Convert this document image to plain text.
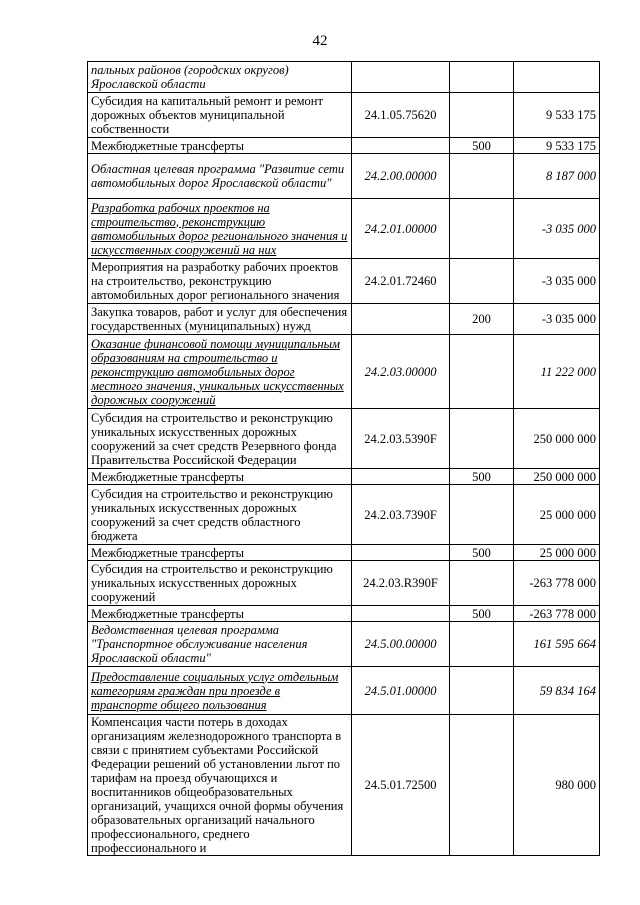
42
пальных районов (городских округов) Ярославской области			
Субсидия на капитальный ремонт и ремонт дорожных объектов муниципальной собственности	24.1.05.75620		9 533 175
Межбюджетные трансферты		500	9 533 175
Областная целевая программа "Развитие сети автомобильных дорог Ярославской области"	24.2.00.00000		8 187 000
Разработка рабочих проектов на строительство, реконструкцию автомобильных дорог регионального значения и искусственных сооружений на них	24.2.01.00000		-3 035 000
Мероприятия на разработку рабочих проектов на строительство, реконструкцию автомобильных дорог регионального значения	24.2.01.72460		-3 035 000
Закупка товаров, работ и услуг для обеспечения государственных (муниципальных) нужд		200	-3 035 000
Оказание финансовой помощи муниципальным образованиям на строительство и реконструкцию автомобильных дорог местного значения, уникальных искусственных дорожных сооружений	24.2.03.00000		11 222 000
Субсидия на строительство и реконструкцию уникальных искусственных дорожных сооружений за счет средств Резервного фонда Правительства Российской Федерации	24.2.03.5390F		250 000 000
Межбюджетные трансферты		500	250 000 000
Субсидия на строительство и реконструкцию уникальных искусственных дорожных сооружений за счет средств областного бюджета	24.2.03.7390F		25 000 000
Межбюджетные трансферты		500	25 000 000
Субсидия на строительство и реконструкцию уникальных искусственных дорожных сооружений	24.2.03.R390F		-263 778 000
Межбюджетные трансферты		500	-263 778 000
Ведомственная целевая программа "Транспортное обслуживание населения Ярославской области"	24.5.00.00000		161 595 664
Предоставление социальных услуг отдельным категориям граждан при проезде в транспорте общего пользования	24.5.01.00000		59 834 164
Компенсация части потерь в доходах организациям железнодорожного транспорта в связи с принятием субъектами Российской Федерации решений об установлении льгот по тарифам на проезд обучающихся и воспитанников общеобразовательных организаций, учащихся очной формы обучения образовательных организаций начального профессионального, среднего профессионального и	24.5.01.72500		980 000
